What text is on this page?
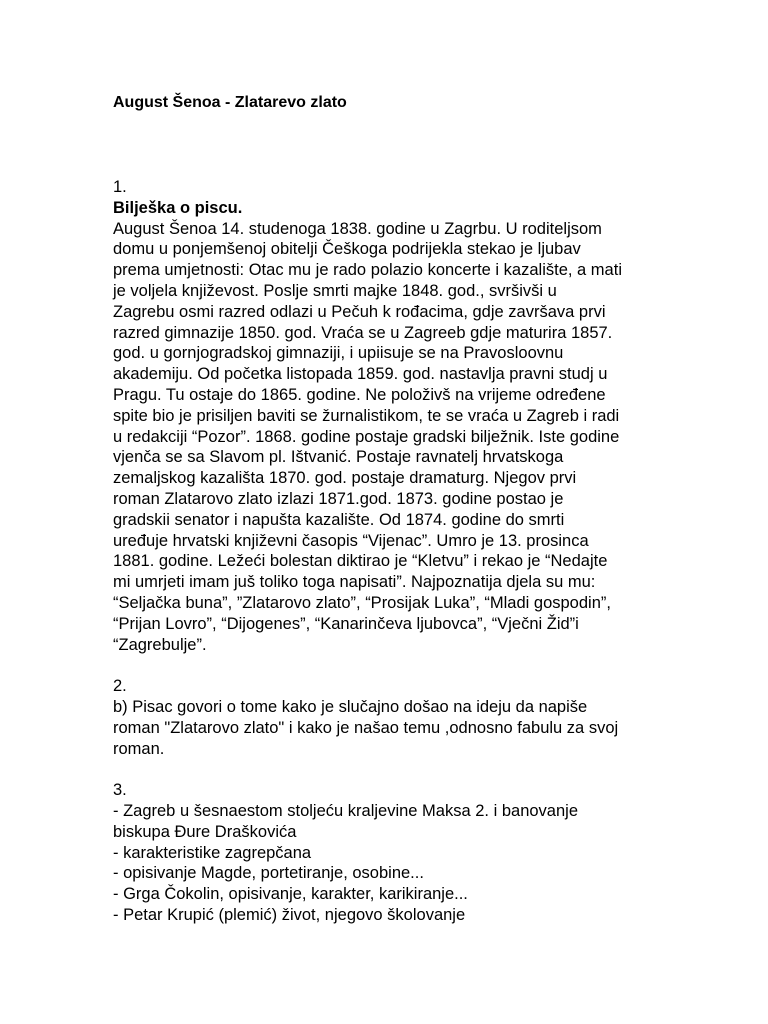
August Šenoa - Zlatarevo zlato

1.

Bilješka o piscu.

August Šenoa 14. studenoga 1838. godine u Zagrbu. U roditeljsom

domu u ponjemšenoj obitelji Češkoga podrijekla stekao je ljubav

prema umjetnosti: Otac mu je rado polazio koncerte i kazalište, a mati

je voljela književost. Poslje smrti majke 1848. god., svršivši u

Zagrebu osmi razred odlazi u Pečuh k rođacima, gdje završava prvi

razred gimnazije 1850. god. Vraća se u Zagreeb gdje maturira 1857.

god. u gornjogradskoj gimnaziji, i upiisuje se na Pravosloovnu

akademiju. Od početka listopada 1859. god. nastavlja pravni studj u

Pragu. Tu ostaje do 1865. godine. Ne položivš na vrijeme određene

spite bio je prisiljen baviti se žurnalistikom, te se vraća u Zagreb i radi

u redakciji “Pozor”. 1868. godine postaje gradski bilježnik. Iste godine

vjenča se sa Slavom pl. Ištvanić. Postaje ravnatelj hrvatskoga

zemaljskog kazališta 1870. god. postaje dramaturg. Njegov prvi

roman Zlatarovo zlato izlazi 1871.god. 1873. godine postao je

gradskii senator i napušta kazalište. Od 1874. godine do smrti

uređuje hrvatski književni časopis “Vijenac”. Umro je 13. prosinca

1881. godine. Ležeći bolestan diktirao je “Kletvu” i rekao je “Nedajte

mi umrjeti imam juš toliko toga napisati”. Najpoznatija djela su mu:

“Seljačka buna”, ”Zlatarovo zlato”, “Prosijak Luka”, “Mladi gospodin”,

“Prijan Lovro”, “Dijogenes”, “Kanarinčeva ljubovca”, “Vječni Žid”i

“Zagrebulje”.

2.

b) Pisac govori o tome kako je slučajno došao na ideju da napiše

roman "Zlatarovo zlato" i kako je našao temu ,odnosno fabulu za svoj

roman.

3.

- Zagreb u šesnaestom stoljeću kraljevine Maksa 2. i banovanje

biskupa Đure Draškovića

- karakteristike zagrepčana

- opisivanje Magde, portetiranje, osobine...

- Grga Čokolin, opisivanje, karakter, karikiranje...

- Petar Krupić (plemić) život, njegovo školovanje
